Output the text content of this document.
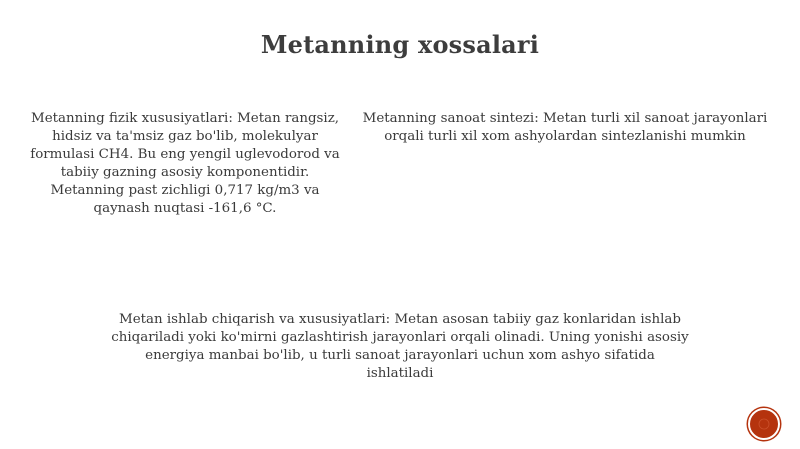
Metanning xossalari
Metanning fizik xususiyatlari: Metan rangsiz, hidsiz va ta'msiz gaz bo'lib, molekulyar formulasi CH4. Bu eng yengil uglevodorod va tabiiy gazning asosiy komponentidir. Metanning past zichligi 0,717 kg/m3 va qaynash nuqtasi -161,6 °C.
Metanning sanoat sintezi: Metan turli xil sanoat jarayonlari orqali turli xil xom ashyolardan sintezlanishi mumkin
Metan ishlab chiqarish va xususiyatlari: Metan asosan tabiiy gaz konlaridan ishlab chiqariladi yoki ko'mirni gazlashtirish jarayonlari orqali olinadi. Uning yonishi asosiy energiya manbai bo'lib, u turli sanoat jarayonlari uchun xom ashyo sifatida ishlatiladi
